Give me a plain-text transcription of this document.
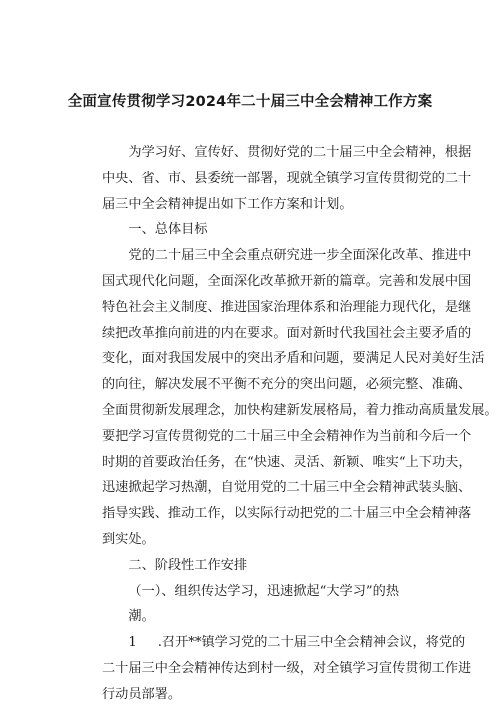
全面宣传贯彻学习2024年二十届三中全会精神工作方案

为学习好、宣传好、贯彻好党的二十届三中全会精神，根据
中央、省、市、县委统一部署，现就全镇学习宣传贯彻党的二十
届三中全会精神提出如下工作方案和计划。

一、总体目标

党的二十届三中全会重点研究进一步全面深化改革、推进中
国式现代化问题，全面深化改革掀开新的篇章。完善和发展中国
特色社会主义制度、推进国家治理体系和治理能力现代化，是继
续把改革推向前进的内在要求。面对新时代我国社会主要矛盾的
变化，面对我国发展中的突出矛盾和问题，要满足人民对美好生活
的向往，解决发展不平衡不充分的突出问题，必须完整、准确、
全面贯彻新发展理念，加快构建新发展格局，着力推动高质量发展。
要把学习宣传贯彻党的二十届三中全会精神作为当前和今后一个
时期的首要政治任务，在“快速、灵活、新颖、唯实“上下功夫，
迅速掀起学习热潮，自觉用党的二十届三中全会精神武装头脑、
指导实践、推动工作，以实际行动把党的二十届三中全会精神落
到实处。

二、阶段性工作安排

（一）、组织传达学习，迅速掀起“大学习”的热潮。

1     .召开**镇学习党的二十届三中全会精神会议，将党的
二十届三中全会精神传达到村一级，对全镇学习宣传贯彻工作进
行动员部署。
